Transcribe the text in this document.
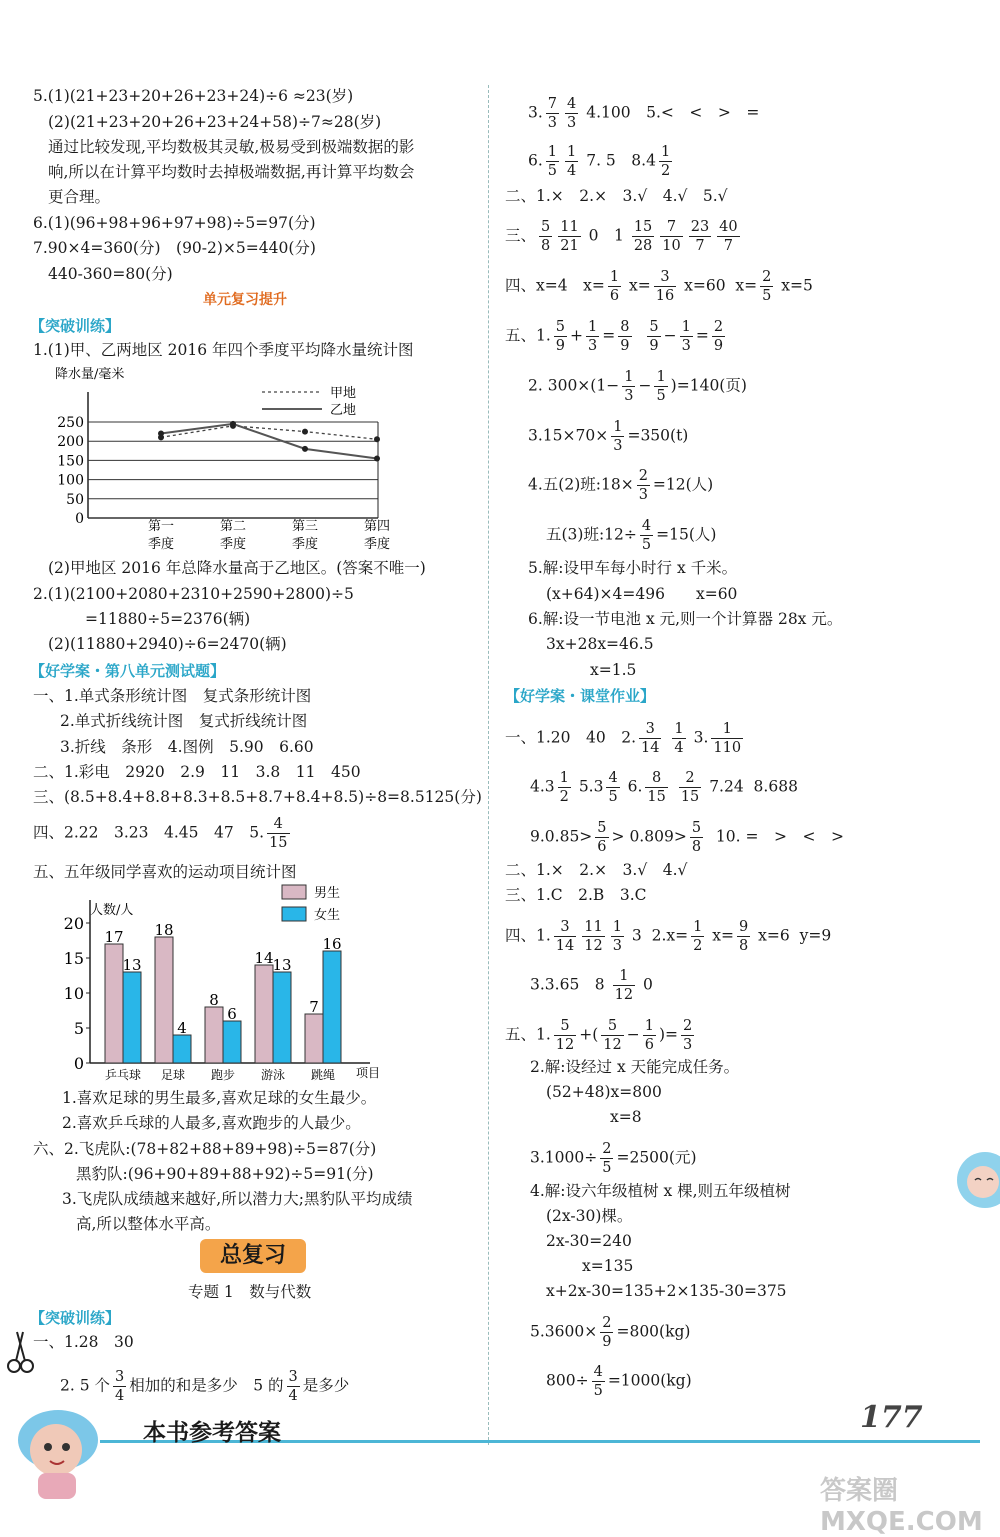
5.(1)(21+23+20+26+23+24)÷6 ≈23(岁)
(2)(21+23+20+26+23+24+58)÷7≈28(岁)
通过比较发现,平均数极其灵敏,极易受到极端数据的影
响,所以在计算平均数时去掉极端数据,再计算平均数会
更合理。
6.(1)(96+98+96+97+98)÷5=97(分)
7.90×4=360(分)　(90-2)×5=440(分)
440-360=80(分)
单元复习提升
【突破训练】
1.(1)甲、乙两地区 2016 年四个季度平均降水量统计图
降水量/毫米
0
50
100
150
200
250
第一
季度
第二
季度
第三
季度
第四
季度
甲地
乙地
(2)甲地区 2016 年总降水量高于乙地区。(答案不唯一)
2.(1)(2100+2080+2310+2590+2800)÷5
=11880÷5=2376(辆)
(2)(11880+2940)÷6=2470(辆)
【好学案・第八单元测试题】
一、1.单式条形统计图　复式条形统计图
2.单式折线统计图　复式折线统计图
3.折线　条形　4.图例　5.90　6.60
二、1.彩电　2920　2.9　11　3.8　11　450
三、(8.5+8.4+8.8+8.3+8.5+8.7+8.4+8.5)÷8=8.5125(分)
四、2.22　3.23　4.45　47　5. $\frac{4}{15}$
五、五年级同学喜欢的运动项目统计图
人数/人
项目
0
5
10
15
20
乒乓球 足球 跑步 游泳 跳绳
17
13
18
4
8
6
14
13
7
16
男生
女生
1.喜欢足球的男生最多,喜欢足球的女生最少。
2.喜欢乒乓球的人最多,喜欢跑步的人最少。
六、2.飞虎队:(78+82+88+89+98)÷5=87(分)
黑豹队:(96+90+89+88+92)÷5=91(分)
3.飞虎队成绩越来越好,所以潜力大;黑豹队平均成绩
高,所以整体水平高。
总复习
专题 1　数与代数
【突破训练】
一、1.28　30
2. 5 个 $\frac{3}{4}$ 相加的和是多少　5 的 $\frac{3}{4}$ 是多少
3. $\frac{7}{3} \frac{4}{3} 4.100$　5.<　<　>　=
6. $\frac{1}{5} \frac{1}{4} 7$. 5　$8.4 \frac{1}{2}$
二、1.×　2.×　3.√　4.√　5.√
三、 $\frac{5}{8} \frac{11}{21} 0$　$1 \frac{15}{28} \frac{7}{10} \frac{23}{7} \frac{40}{7}$
四、x=4　$x= \frac{1}{6} x= \frac{3}{16} x=60$  $x= \frac{2}{5} x=5$
五、1. $\frac{5}{9} + \frac{1}{3} = \frac{8}{9}$
$\frac{5}{9} - \frac{1}{3} = \frac{2}{9}$
2. $300\times(1- \frac{1}{3} - \frac{1}{5} )=140$(页)
$3.15\times 70\times \frac{1}{3} =350(t)$
4.五(2)班:18× $\frac{2}{3} =12$(人)
五(3)班:12÷ $\frac{4}{5} =15$(人)
5.解:设甲车每小时行 x 千米。
(x+64)×4=496　　x=60
6.解:设一节电池 x 元,则一个计算器 28x 元。
3x+28x=46.5
x=1.5
【好学案・课堂作业】
一、1.20　40　2. $\frac{3}{14}$
$\frac{1}{4} 3$. $\frac{1}{110}$
$4.3 \frac{1}{2} 5.3 \frac{4}{5} 6$. $\frac{8}{15}$
$\frac{2}{15} 7.24$  8.688
$9.0.85> \frac{5}{6} > 0.809> \frac{5}{8} 10$. =　>　<　>
二、1.×　2.×　3.√　4.√
三、1.C　2.B　3.C
四、1. $\frac{3}{14} \frac{11}{12} \frac{1}{3} 3$  $2.x= \frac{1}{2} x= \frac{9}{8} x=6$  y=9
3.3.65　$8 \frac{1}{12} 0$
五、1. $\frac{5}{12}$ +( $\frac{5}{12} - \frac{1}{6}$ )= $\frac{2}{3}$
2.解:设经过 x 天能完成任务。
(52+48)x=800
x=8
$3.1000\div \frac{2}{5} =2500$(元)
4.解:设六年级植树 x 棵,则五年级植树
(2x-30)棵。
2x-30=240
x=135
x+2x-30=135+2×135-30=375
$5.3600\times \frac{2}{9} =800(kg)$
$800\div \frac{4}{5} =1000(kg)$
本书参考答案	177
答案圈 MXQE.COM
